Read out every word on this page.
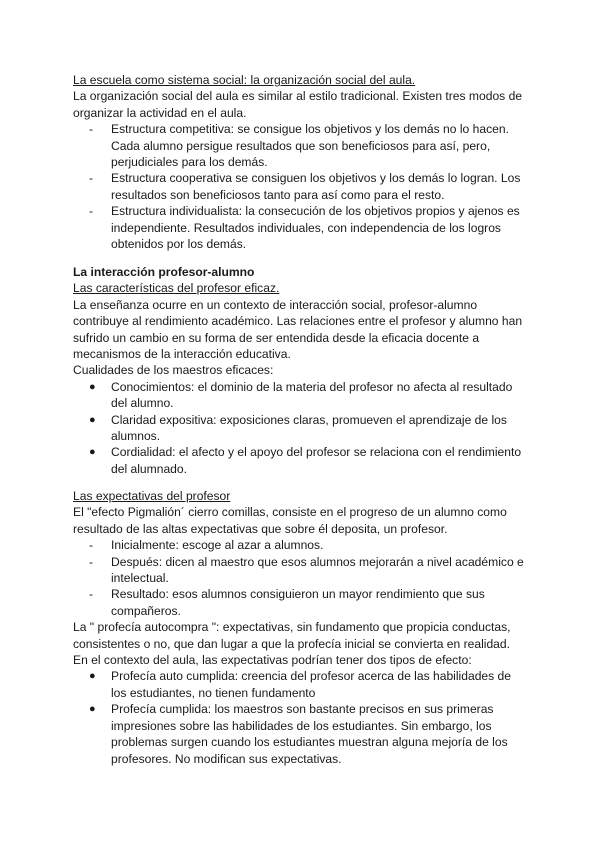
La escuela como sistema social: la organización social del aula.
La organización social del aula es similar al estilo tradicional. Existen tres modos de
organizar la actividad en el aula.
- Estructura competitiva: se consigue los objetivos y los demás no lo hacen.
Cada alumno persigue resultados que son beneficiosos para así, pero,
perjudiciales para los demás.
- Estructura cooperativa se consiguen los objetivos y los demás lo logran. Los
resultados son beneficiosos tanto para así como para el resto.
- Estructura individualista: la consecución de los objetivos propios y ajenos es
independiente. Resultados individuales, con independencia de los logros
obtenidos por los demás.
La interacción profesor-alumno
Las características del profesor eficaz.
La enseñanza ocurre en un contexto de interacción social, profesor-alumno
contribuye al rendimiento académico. Las relaciones entre el profesor y alumno han
sufrido un cambio en su forma de ser entendida desde la eficacia docente a
mecanismos de la interacción educativa.
Cualidades de los maestros eficaces:
● Conocimientos: el dominio de la materia del profesor no afecta al resultado
del alumno.
● Claridad expositiva: exposiciones claras, promueven el aprendizaje de los
alumnos.
● Cordialidad: el afecto y el apoyo del profesor se relaciona con el rendimiento
del alumnado.
Las expectativas del profesor
El "efecto Pigmalión´ cierro comillas, consiste en el progreso de un alumno como
resultado de las altas expectativas que sobre él deposita, un profesor.
- Inicialmente: escoge al azar a alumnos.
- Después: dicen al maestro que esos alumnos mejorarán a nivel académico e
intelectual.
- Resultado: esos alumnos consiguieron un mayor rendimiento que sus
compañeros.
La " profecía autocompra ": expectativas, sin fundamento que propicia conductas,
consistentes o no, que dan lugar a que la profecía inicial se convierta en realidad.
En el contexto del aula, las expectativas podrían tener dos tipos de efecto:
● Profecía auto cumplida: creencia del profesor acerca de las habilidades de
los estudiantes, no tienen fundamento
● Profecía cumplida: los maestros son bastante precisos en sus primeras
impresiones sobre las habilidades de los estudiantes. Sin embargo, los
problemas surgen cuando los estudiantes muestran alguna mejoría de los
profesores. No modifican sus expectativas.
